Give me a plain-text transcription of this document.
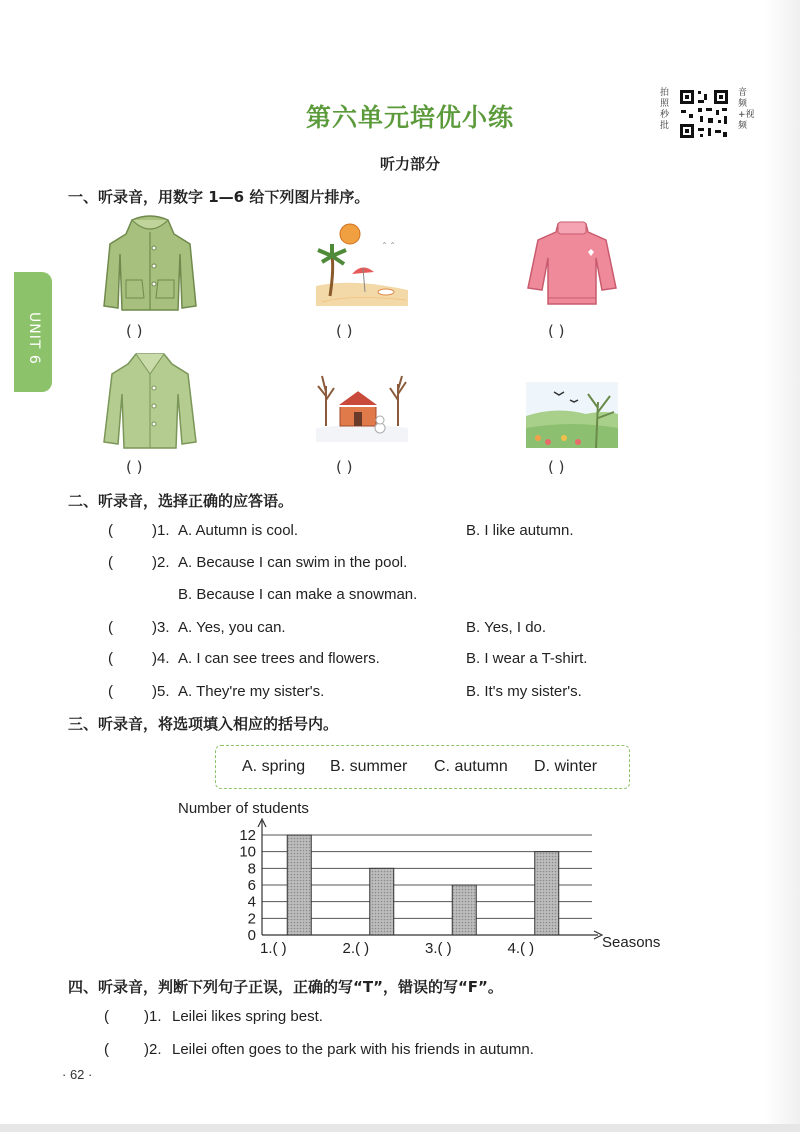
第六单元培优小练
听力部分
拍照秒批
音频+视频
UNIT 6
一、听录音，用数字 1—6 给下列图片排序。
( )
ˆ ˆ
( )	( )
( )	( )	( )
二、听录音，选择正确的应答语。
(	)1. A. Autumn is cool.	B. I like autumn.
(	)2. A. Because I can swim in the pool.
B. Because I can make a snowman.
(	)3. A. Yes, you can.	B. Yes, I do.
(	)4. A. I can see trees and flowers.	B. I wear a T-shirt.
(	)5. A. They're my sister's.	B. It's my sister's.
三、听录音，将选项填入相应的括号内。
A. spring B. summer C. autumn D. winter
Number of students
0
2
4
6
8
10
12
1.( )	2.( )	3.( )	4.( )	Seasons
四、听录音，判断下列句子正误，正确的写“T”，错误的写“F”。
( )1. Leilei likes spring best.
( )2. Leilei often goes to the park with his friends in autumn.
· 62 ·
